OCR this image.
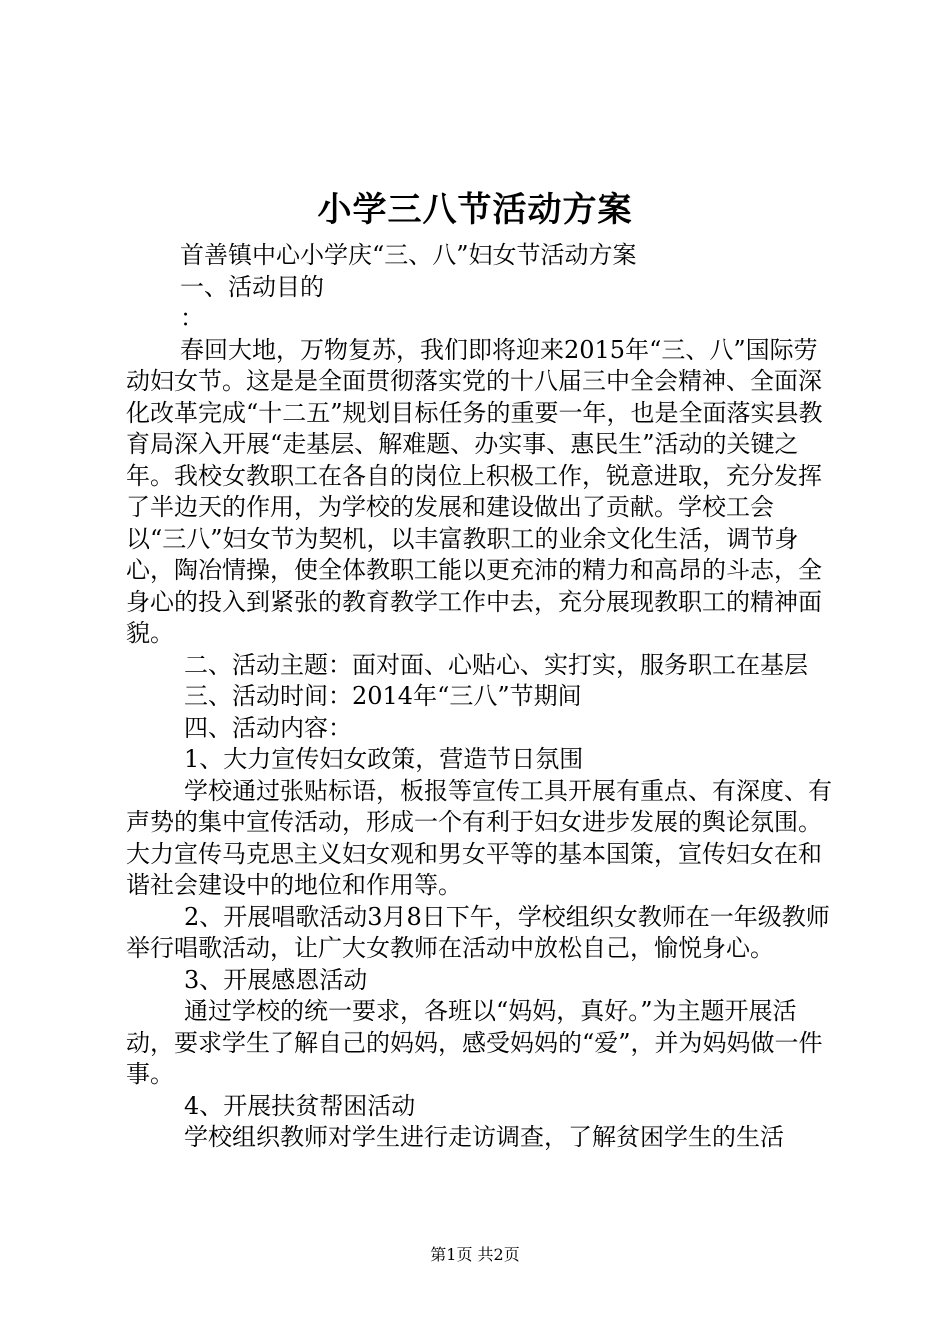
小学三八节活动方案

首善镇中心小学庆“三、八”妇女节活动方案

一、活动目的

：

春回大地，万物复苏，我们即将迎来2015年“三、八”国际劳动妇女节。这是是全面贯彻落实党的十八届三中全会精神、全面深化改革完成“十二五”规划目标任务的重要一年，也是全面落实县教育局深入开展“走基层、解难题、办实事、惠民生”活动的关键之年。我校女教职工在各自的岗位上积极工作，锐意进取，充分发挥了半边天的作用，为学校的发展和建设做出了贡献。学校工会以“三八”妇女节为契机，以丰富教职工的业余文化生活，调节身心，陶冶情操，使全体教职工能以更充沛的精力和高昂的斗志，全身心的投入到紧张的教育教学工作中去，充分展现教职工的精神面貌。

二、活动主题：面对面、心贴心、实打实，服务职工在基层

三、活动时间：2014年“三八”节期间

四、活动内容：

1、大力宣传妇女政策，营造节日氛围

学校通过张贴标语，板报等宣传工具开展有重点、有深度、有声势的集中宣传活动，形成一个有利于妇女进步发展的舆论氛围。大力宣传马克思主义妇女观和男女平等的基本国策，宣传妇女在和谐社会建设中的地位和作用等。

2、开展唱歌活动3月8日下午，学校组织女教师在一年级教师举行唱歌活动，让广大女教师在活动中放松自己，愉悦身心。

3、开展感恩活动

通过学校的统一要求，各班以“妈妈，真好。”为主题开展活动，要求学生了解自己的妈妈，感受妈妈的“爱”，并为妈妈做一件事。

4、开展扶贫帮困活动

学校组织教师对学生进行走访调查，了解贫困学生的生活

第1页 共2页
